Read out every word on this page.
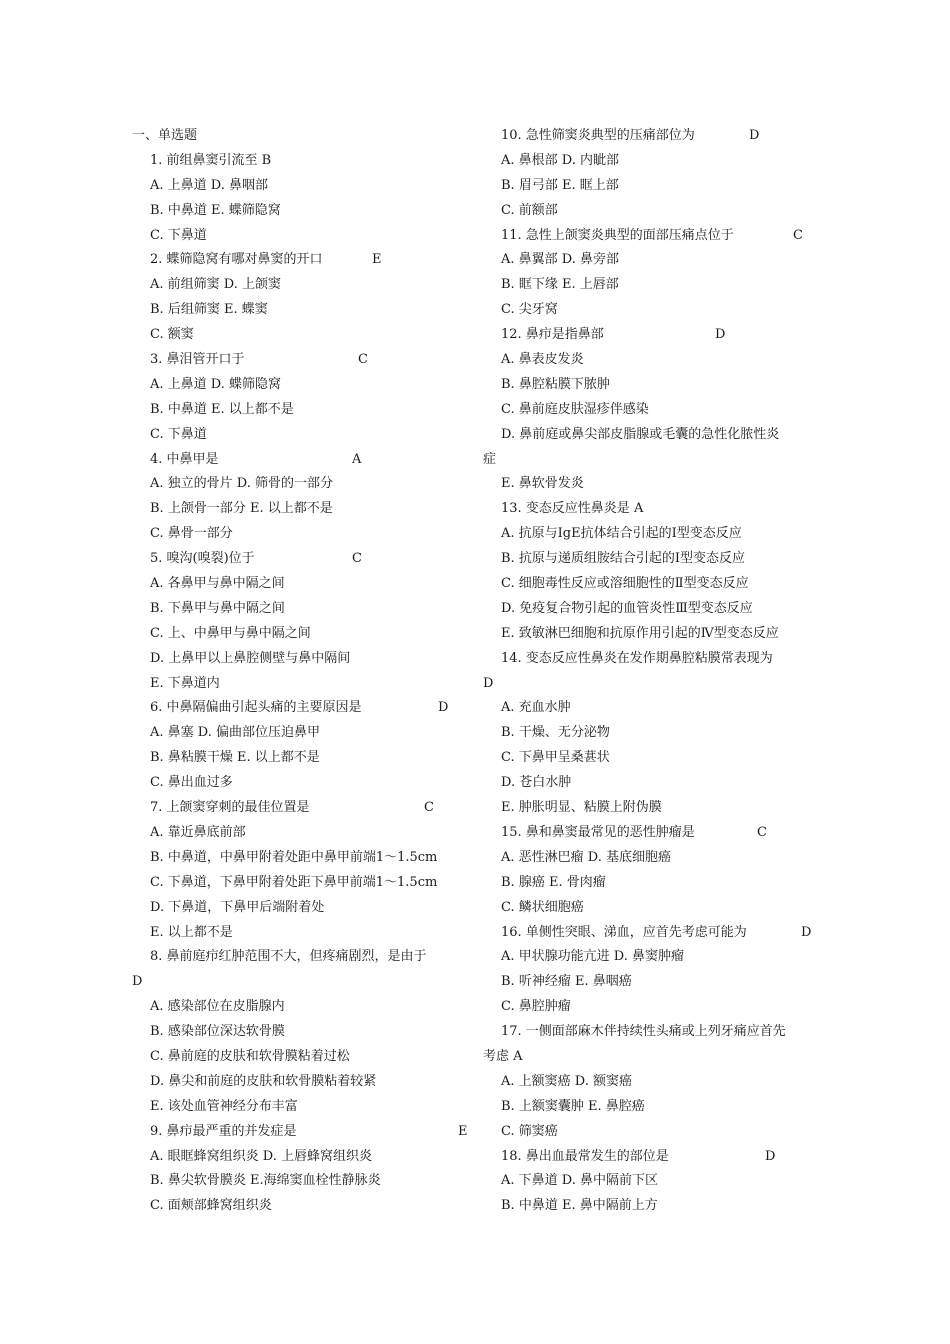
一、单选题
1. 前组鼻窦引流至 B
A. 上鼻道 D. 鼻咽部
B. 中鼻道 E. 蝶筛隐窝
C. 下鼻道
2. 蝶筛隐窝有哪对鼻窦的开口	E
A. 前组筛窦 D. 上颌窦
B. 后组筛窦 E. 蝶窦
C. 额窦
3. 鼻泪管开口于	C
A. 上鼻道 D. 蝶筛隐窝
B. 中鼻道 E. 以上都不是
C. 下鼻道
4. 中鼻甲是	A
A. 独立的骨片 D. 筛骨的一部分
B. 上颌骨一部分 E. 以上都不是
C. 鼻骨一部分
5. 嗅沟(嗅裂)位于	C
A. 各鼻甲与鼻中隔之间
B. 下鼻甲与鼻中隔之间
C. 上、中鼻甲与鼻中隔之间
D. 上鼻甲以上鼻腔侧壁与鼻中隔间
E. 下鼻道内
6. 中鼻隔偏曲引起头痛的主要原因是	D
A. 鼻塞 D. 偏曲部位压迫鼻甲
B. 鼻粘膜干燥 E. 以上都不是
C. 鼻出血过多
7. 上颌窦穿刺的最佳位置是	C
A. 靠近鼻底前部
B. 中鼻道，中鼻甲附着处距中鼻甲前端1～1.5cm
C. 下鼻道，下鼻甲附着处距下鼻甲前端1～1.5cm
D. 下鼻道，下鼻甲后端附着处
E. 以上都不是
8. 鼻前庭疖红肿范围不大，但疼痛剧烈，是由于
D
A. 感染部位在皮脂腺内
B. 感染部位深达软骨膜
C. 鼻前庭的皮肤和软骨膜粘着过松
D. 鼻尖和前庭的皮肤和软骨膜粘着较紧
E. 该处血管神经分布丰富
9. 鼻疖最严重的并发症是	E
A. 眼眶蜂窝组织炎 D. 上唇蜂窝组织炎
B. 鼻尖软骨膜炎 E.海绵窦血栓性静脉炎
C. 面颊部蜂窝组织炎
10. 急性筛窦炎典型的压痛部位为	D
A. 鼻根部 D. 内眦部
B. 眉弓部 E. 眶上部
C. 前额部
11. 急性上颌窦炎典型的面部压痛点位于	C
A. 鼻翼部 D. 鼻旁部
B. 眶下缘 E. 上唇部
C. 尖牙窝
12. 鼻疖是指鼻部	D
A. 鼻表皮发炎
B. 鼻腔粘膜下脓肿
C. 鼻前庭皮肤湿疹伴感染
D. 鼻前庭或鼻尖部皮脂腺或毛囊的急性化脓性炎
症
E. 鼻软骨发炎
13. 变态反应性鼻炎是 A
A. 抗原与IgE抗体结合引起的Ⅰ型变态反应
B. 抗原与递质组胺结合引起的Ⅰ型变态反应
C. 细胞毒性反应或溶细胞性的Ⅱ型变态反应
D. 免疫复合物引起的血管炎性Ⅲ型变态反应
E. 致敏淋巴细胞和抗原作用引起的Ⅳ型变态反应
14. 变态反应性鼻炎在发作期鼻腔粘膜常表现为
D
A. 充血水肿
B. 干燥、无分泌物
C. 下鼻甲呈桑葚状
D. 苍白水肿
E. 肿胀明显、粘膜上附伪膜
15. 鼻和鼻窦最常见的恶性肿瘤是	C
A. 恶性淋巴瘤 D. 基底细胞癌
B. 腺癌 E. 骨肉瘤
C. 鳞状细胞癌
16. 单侧性突眼、涕血，应首先考虑可能为	D
A. 甲状腺功能亢进 D. 鼻窦肿瘤
B. 听神经瘤 E. 鼻咽癌
C. 鼻腔肿瘤
17. 一侧面部麻木伴持续性头痛或上列牙痛应首先
考虑 A
A. 上额窦癌 D. 额窦癌
B. 上额窦囊肿 E. 鼻腔癌
C. 筛窦癌
18. 鼻出血最常发生的部位是	D
A. 下鼻道 D. 鼻中隔前下区
B. 中鼻道 E. 鼻中隔前上方
